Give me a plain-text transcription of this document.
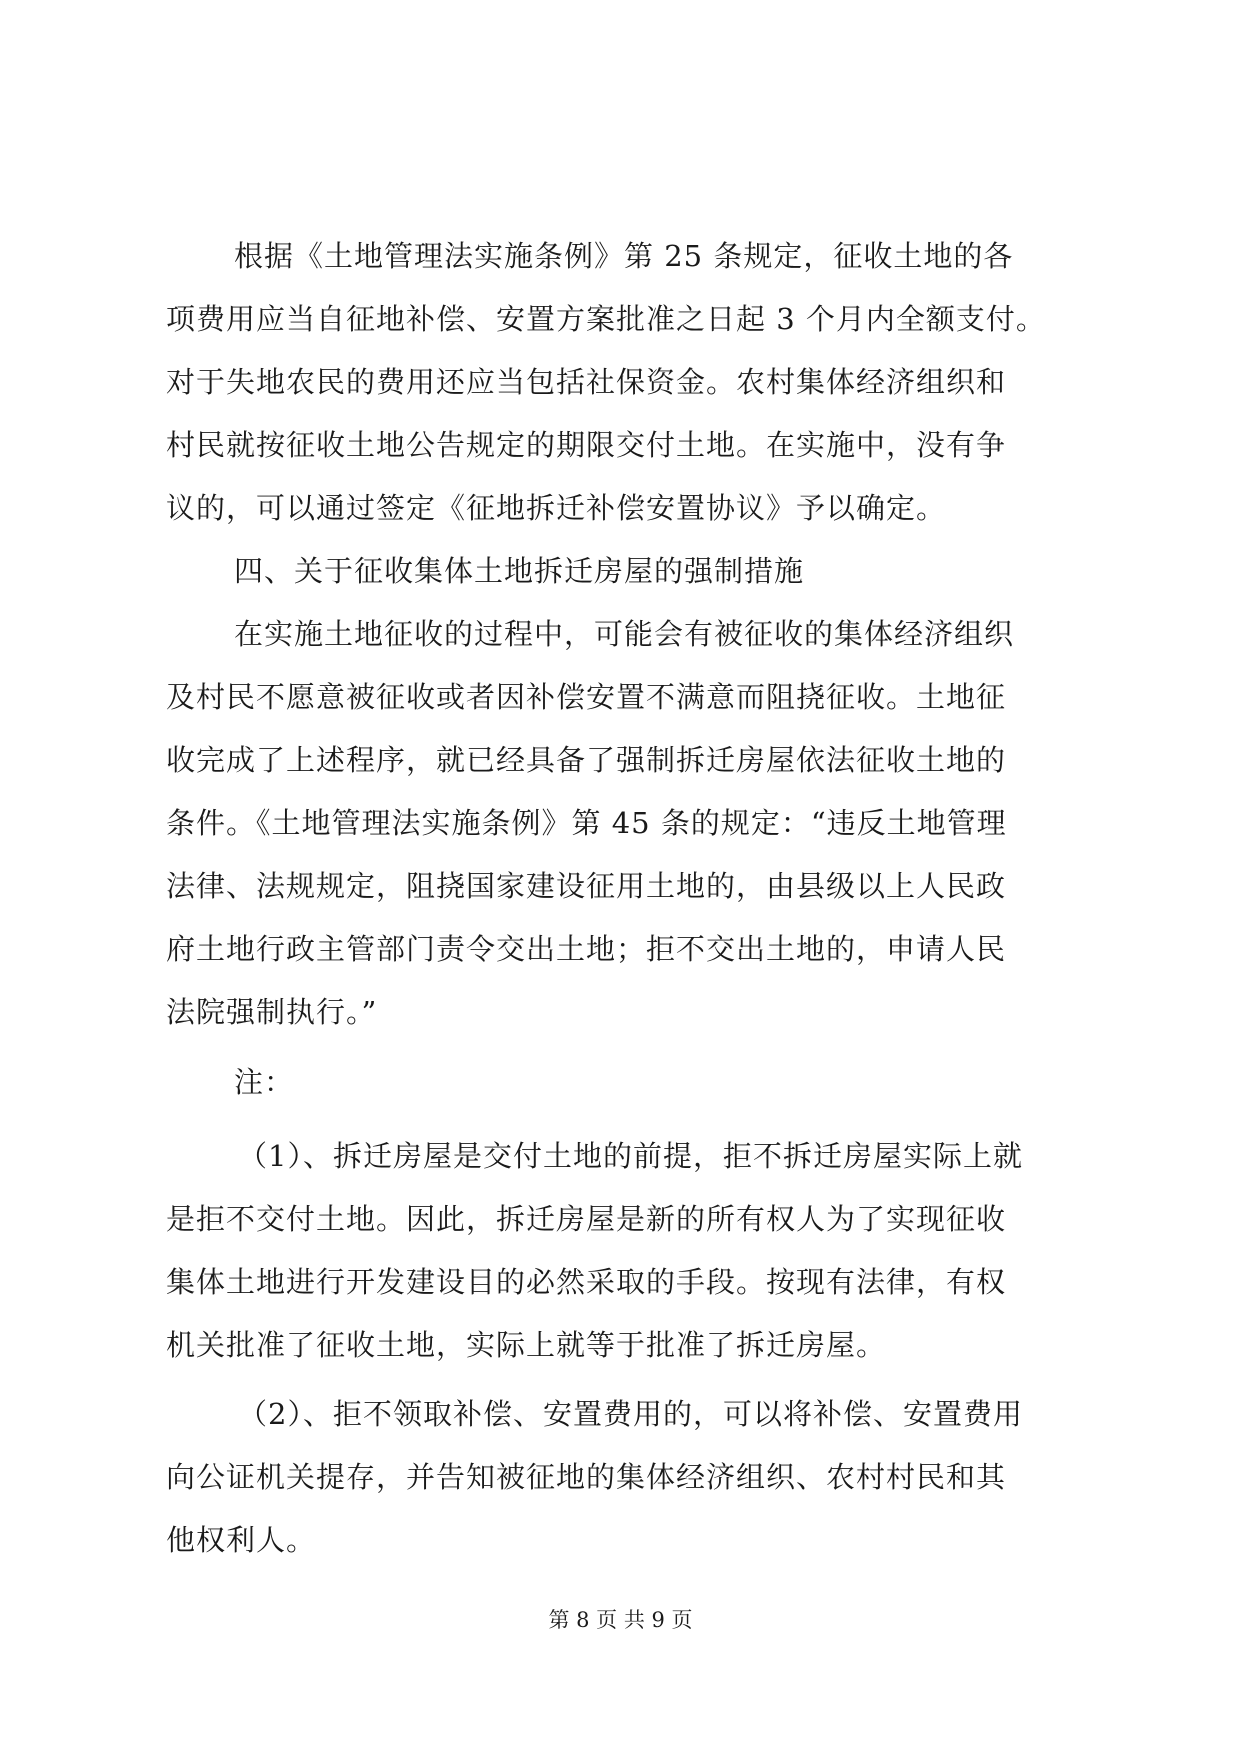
根据《土地管理法实施条例》第 25 条规定，征收土地的各
项费用应当自征地补偿、安置方案批准之日起 3 个月内全额支付。
对于失地农民的费用还应当包括社保资金。农村集体经济组织和
村民就按征收土地公告规定的期限交付土地。在实施中，没有争
议的，可以通过签定《征地拆迁补偿安置协议》予以确定。
四、关于征收集体土地拆迁房屋的强制措施
在实施土地征收的过程中，可能会有被征收的集体经济组织
及村民不愿意被征收或者因补偿安置不满意而阻挠征收。土地征
收完成了上述程序，就已经具备了强制拆迁房屋依法征收土地的
条件。《土地管理法实施条例》第 45 条的规定：“违反土地管理
法律、法规规定，阻挠国家建设征用土地的，由县级以上人民政
府土地行政主管部门责令交出土地；拒不交出土地的，申请人民
法院强制执行。”
注：
（1）、拆迁房屋是交付土地的前提，拒不拆迁房屋实际上就
是拒不交付土地。因此，拆迁房屋是新的所有权人为了实现征收
集体土地进行开发建设目的必然采取的手段。按现有法律，有权
机关批准了征收土地，实际上就等于批准了拆迁房屋。
（2）、拒不领取补偿、安置费用的，可以将补偿、安置费用
向公证机关提存，并告知被征地的集体经济组织、农村村民和其
他权利人。
第 8 页 共 9 页
